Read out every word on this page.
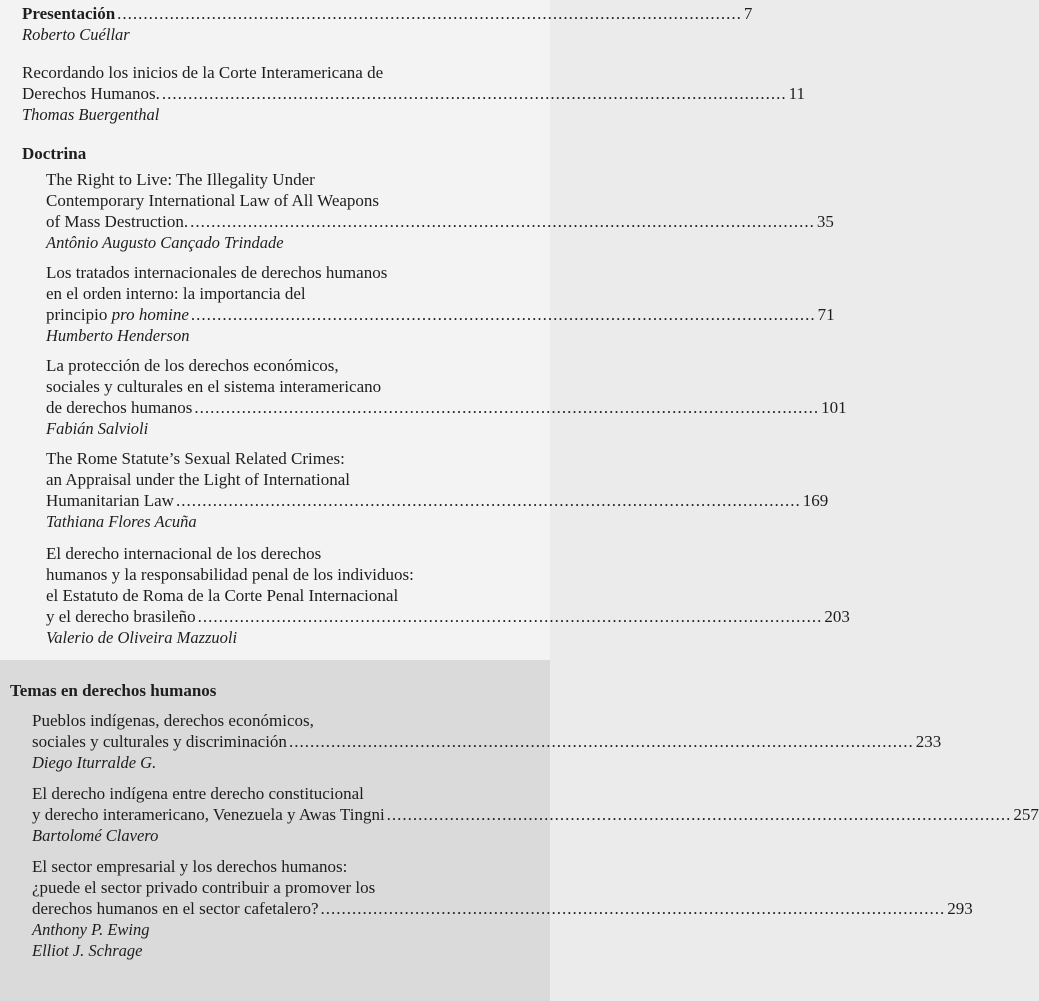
Presentación ....................................................................................................................... 7
Roberto Cuéllar
Recordando los inicios de la Corte Interamericana de
Derechos Humanos. ....................................................................................................................... 11
Thomas Buergenthal
Doctrina
The Right to Live: The Illegality Under
Contemporary International Law of All Weapons
of Mass Destruction. ....................................................................................................................... 35
Antônio Augusto Cançado Trindade
Los tratados internacionales de derechos humanos
en el orden interno: la importancia del
principio pro homine ....................................................................................................................... 71
Humberto Henderson
La protección de los derechos económicos,
sociales y culturales en el sistema interamericano
de derechos humanos ....................................................................................................................... 101
Fabián Salvioli
The Rome Statute’s Sexual Related Crimes:
an Appraisal under the Light of International
Humanitarian Law ....................................................................................................................... 169
Tathiana Flores Acuña
El derecho internacional de los derechos
humanos y la responsabilidad penal de los individuos:
el Estatuto de Roma de la Corte Penal Internacional
y el derecho brasileño ....................................................................................................................... 203
Valerio de Oliveira Mazzuoli
Temas en derechos humanos
Pueblos indígenas, derechos económicos,
sociales y culturales y discriminación ....................................................................................................................... 233
Diego Iturralde G.
El derecho indígena entre derecho constitucional
y derecho interamericano, Venezuela y Awas Tingni ....................................................................................................................... 257
Bartolomé Clavero
El sector empresarial y los derechos humanos:
¿puede el sector privado contribuir a promover los
derechos humanos en el sector cafetalero? ....................................................................................................................... 293
Anthony P. Ewing
Elliot J. Schrage
